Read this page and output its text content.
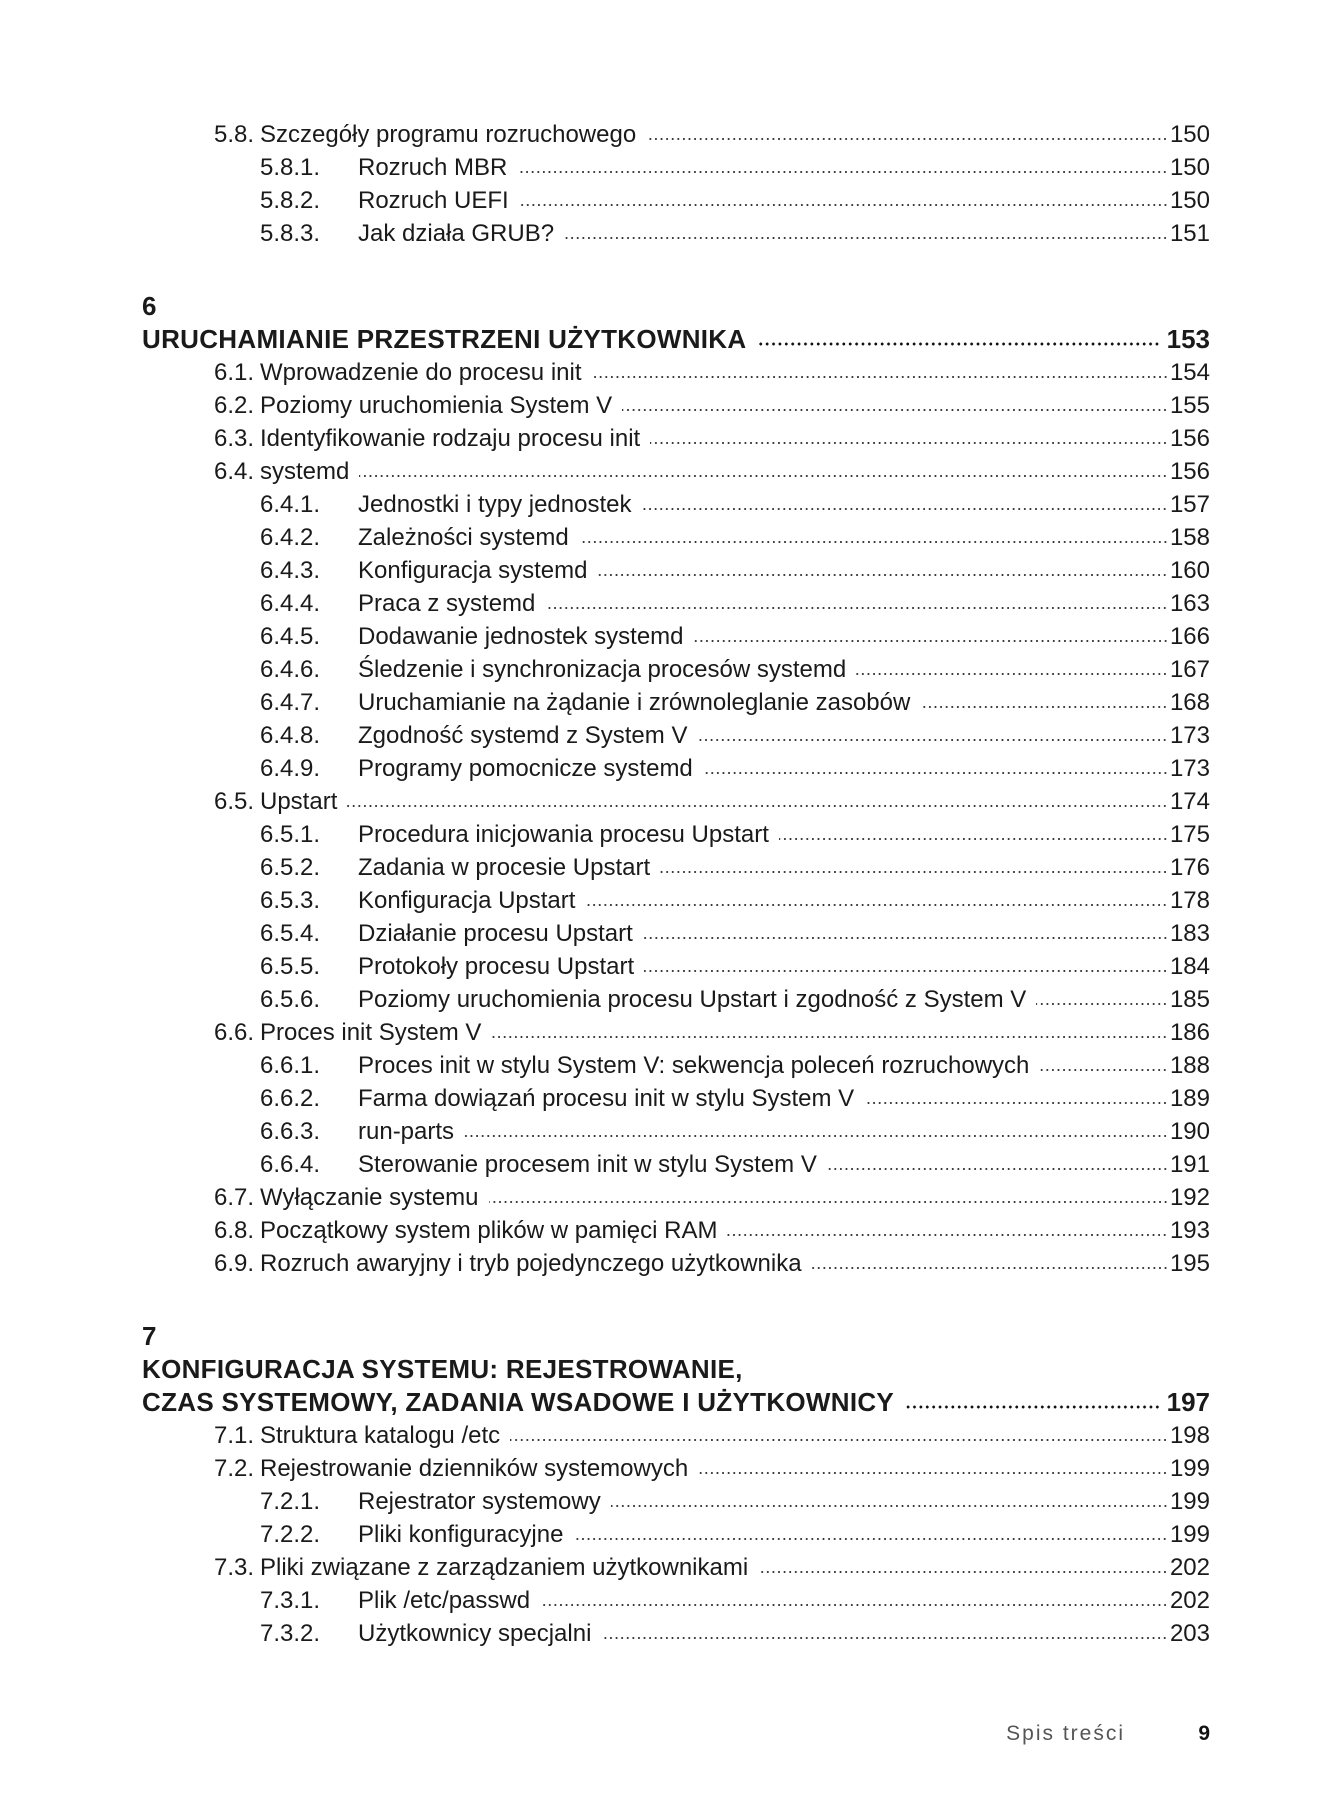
5.8. Szczegóły programu rozruchowego	150
5.8.1.	Rozruch MBR	150
5.8.2.	Rozruch UEFI	150
5.8.3.	Jak działa GRUB?	151
6
URUCHAMIANIE PRZESTRZENI UŻYTKOWNIKA	153
6.1. Wprowadzenie do procesu init	154
6.2. Poziomy uruchomienia System V	155
6.3. Identyfikowanie rodzaju procesu init	156
6.4. systemd	156
6.4.1.	Jednostki i typy jednostek	157
6.4.2.	Zależności systemd	158
6.4.3.	Konfiguracja systemd	160
6.4.4.	Praca z systemd	163
6.4.5.	Dodawanie jednostek systemd	166
6.4.6.	Śledzenie i synchronizacja procesów systemd	167
6.4.7.	Uruchamianie na żądanie i zrównoleglanie zasobów	168
6.4.8.	Zgodność systemd z System V	173
6.4.9.	Programy pomocnicze systemd	173
6.5. Upstart	174
6.5.1.	Procedura inicjowania procesu Upstart	175
6.5.2.	Zadania w procesie Upstart	176
6.5.3.	Konfiguracja Upstart	178
6.5.4.	Działanie procesu Upstart	183
6.5.5.	Protokoły procesu Upstart	184
6.5.6.	Poziomy uruchomienia procesu Upstart i zgodność z System V	185
6.6. Proces init System V	186
6.6.1.	Proces init w stylu System V: sekwencja poleceń rozruchowych	188
6.6.2.	Farma dowiązań procesu init w stylu System V	189
6.6.3.	run-parts	190
6.6.4.	Sterowanie procesem init w stylu System V	191
6.7. Wyłączanie systemu	192
6.8. Początkowy system plików w pamięci RAM	193
6.9. Rozruch awaryjny i tryb pojedynczego użytkownika	195
7
KONFIGURACJA SYSTEMU: REJESTROWANIE,
CZAS SYSTEMOWY, ZADANIA WSADOWE I UŻYTKOWNICY	197
7.1. Struktura katalogu /etc	198
7.2. Rejestrowanie dzienników systemowych	199
7.2.1.	Rejestrator systemowy	199
7.2.2.	Pliki konfiguracyjne	199
7.3. Pliki związane z zarządzaniem użytkownikami	202
7.3.1.	Plik /etc/passwd	202
7.3.2.	Użytkownicy specjalni	203
Spis treści	9
